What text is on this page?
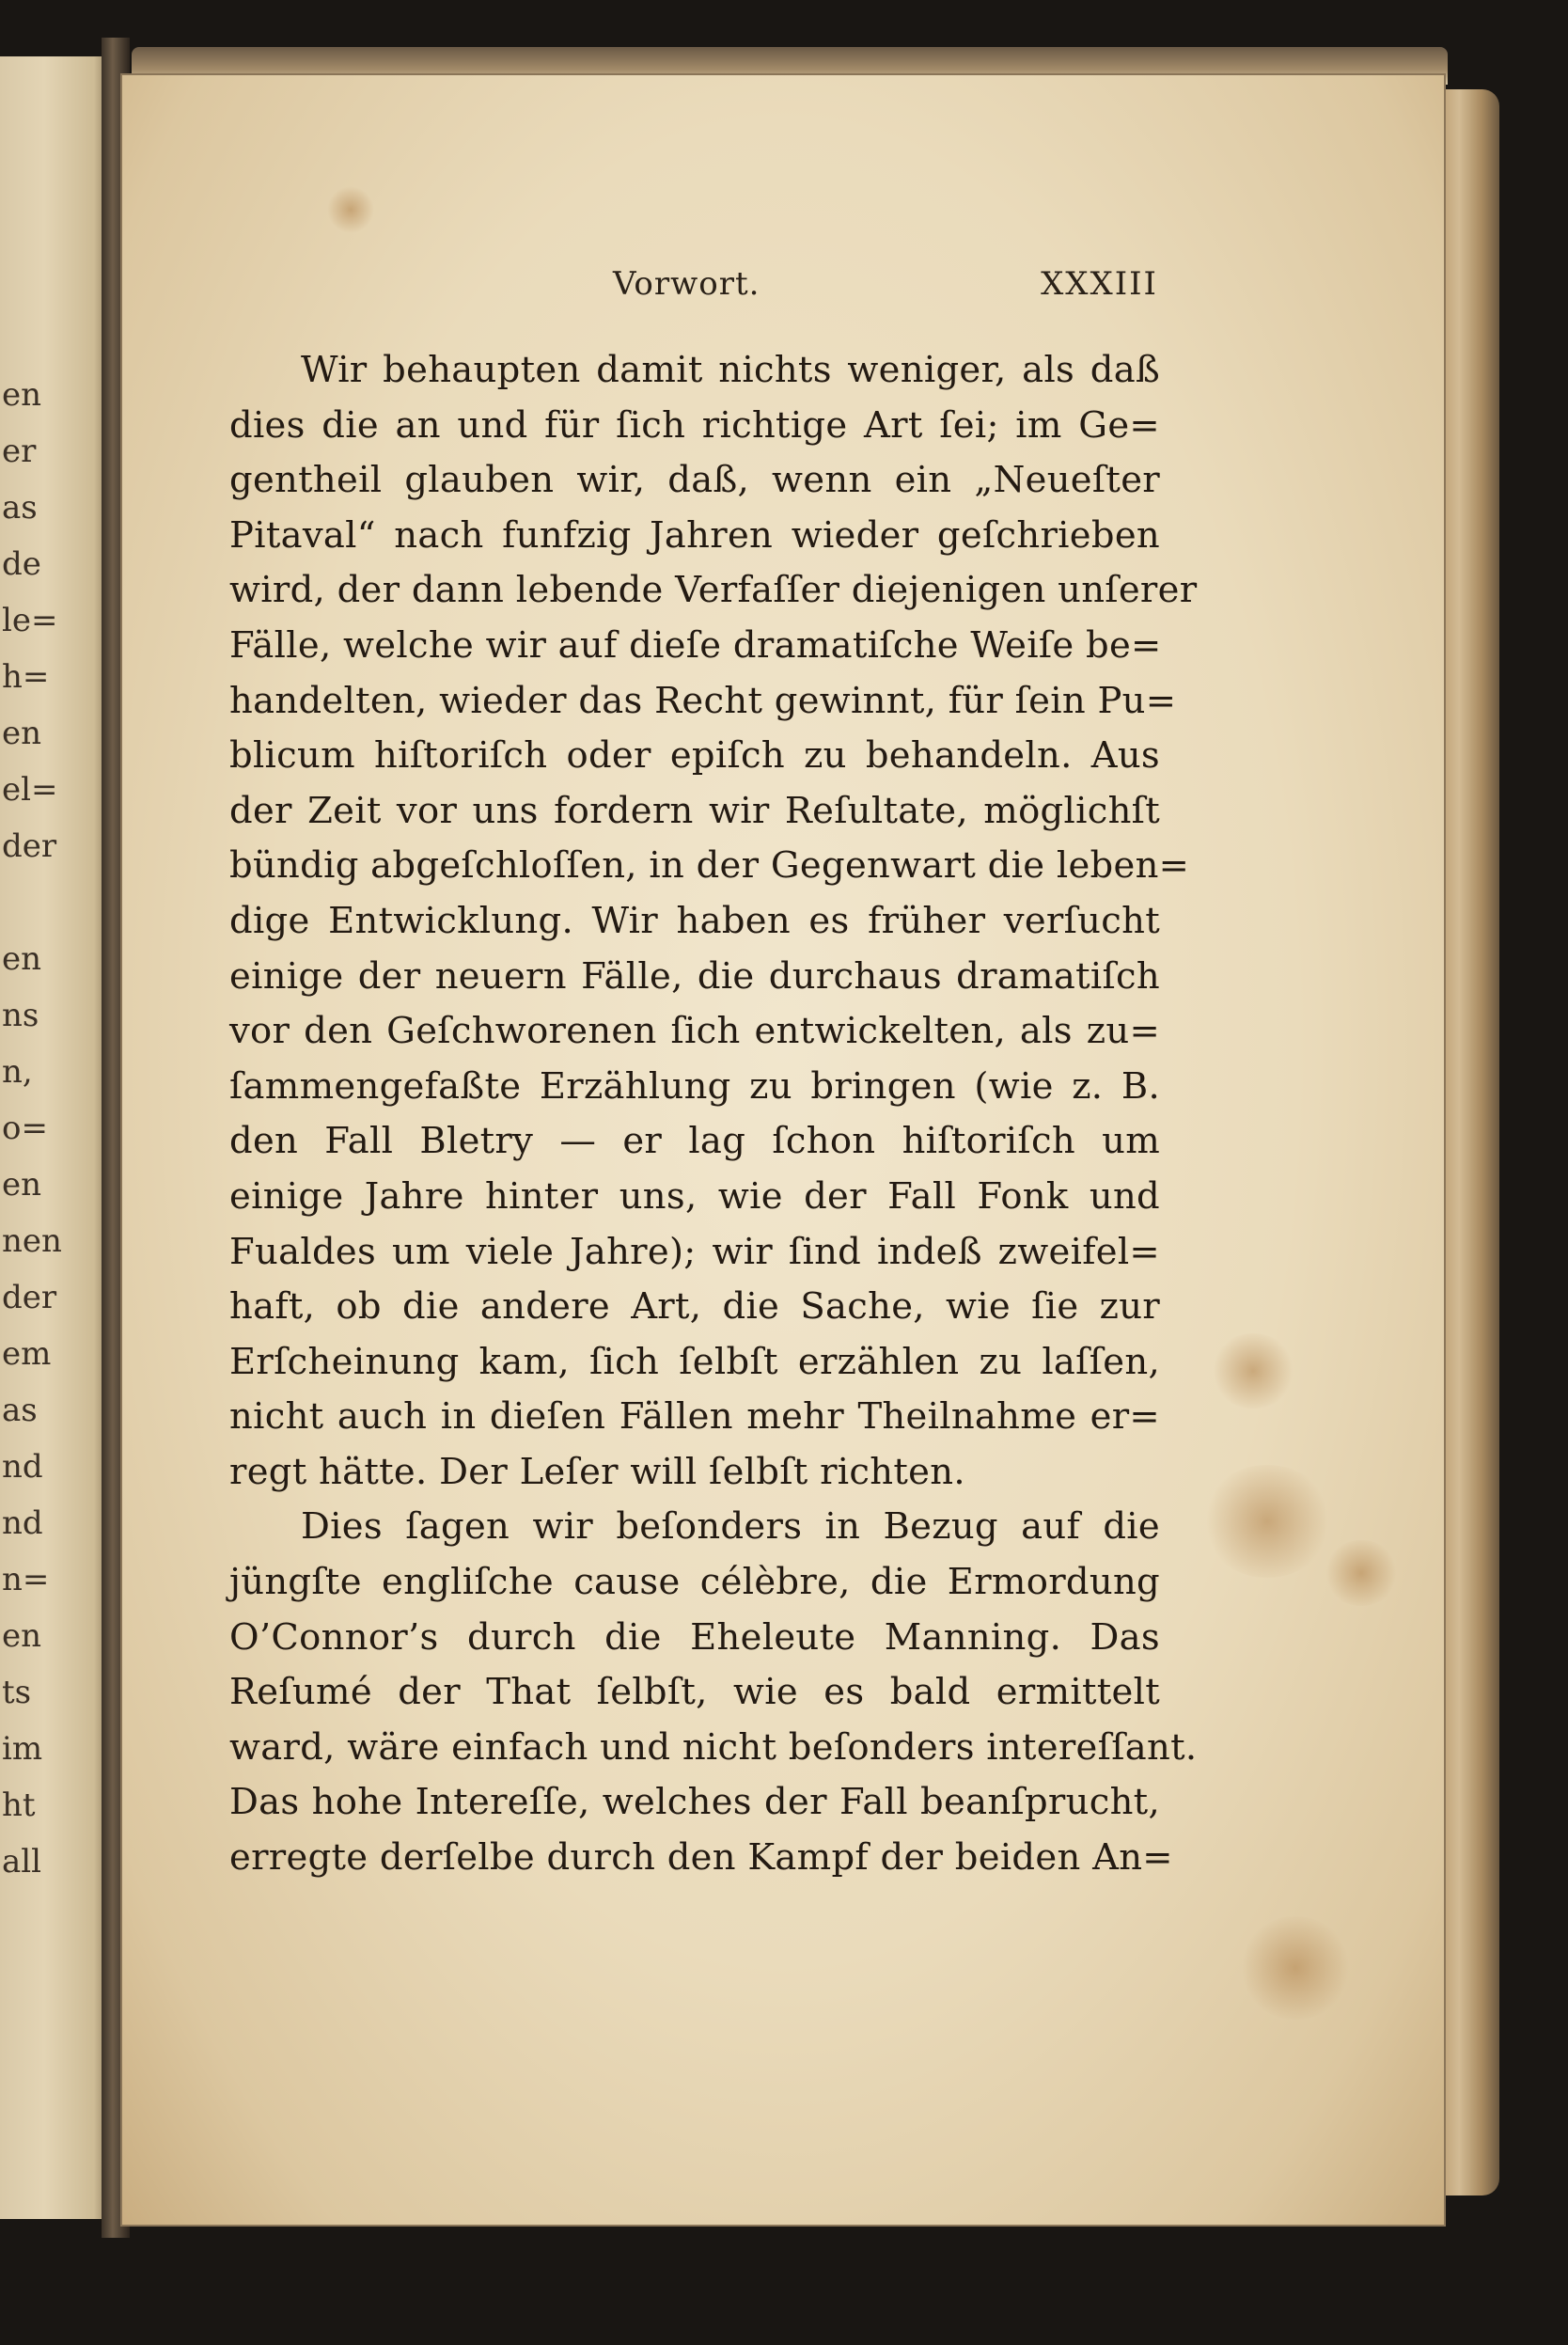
en
er
as
de
le=
h=
en
el=
der
en
ns
n,
o=
en
nen
der
em
as
nd
nd
n=
en
ts
im
ht
all
Vorwort.	XXXIII
Wir behaupten damit nichts weniger, als daß
dies die an und für ſich richtige Art ſei; im Ge=
gentheil glauben wir, daß, wenn ein „Neueſter
Pitaval“ nach funfzig Jahren wieder geſchrieben
wird, der dann lebende Verfaſſer diejenigen unſerer
Fälle, welche wir auf dieſe dramatiſche Weiſe be=
handelten, wieder das Recht gewinnt, für ſein Pu=
blicum hiſtoriſch oder epiſch zu behandeln. Aus
der Zeit vor uns fordern wir Reſultate, möglichſt
bündig abgeſchloſſen, in der Gegenwart die leben=
dige Entwicklung. Wir haben es früher verſucht
einige der neuern Fälle, die durchaus dramatiſch
vor den Geſchworenen ſich entwickelten, als zu=
ſammengefaßte Erzählung zu bringen (wie z. B.
den Fall Bletry — er lag ſchon hiſtoriſch um
einige Jahre hinter uns, wie der Fall Fonk und
Fualdes um viele Jahre); wir ſind indeß zweifel=
haft, ob die andere Art, die Sache, wie ſie zur
Erſcheinung kam, ſich ſelbſt erzählen zu laſſen,
nicht auch in dieſen Fällen mehr Theilnahme er=
regt hätte. Der Leſer will ſelbſt richten.
Dies ſagen wir beſonders in Bezug auf die
jüngſte engliſche cause célèbre, die Ermordung
O’Connor’s durch die Eheleute Manning. Das
Reſumé der That ſelbſt, wie es bald ermittelt
ward, wäre einfach und nicht beſonders intereſſant.
Das hohe Intereſſe, welches der Fall beanſprucht,
erregte derſelbe durch den Kampf der beiden An=
